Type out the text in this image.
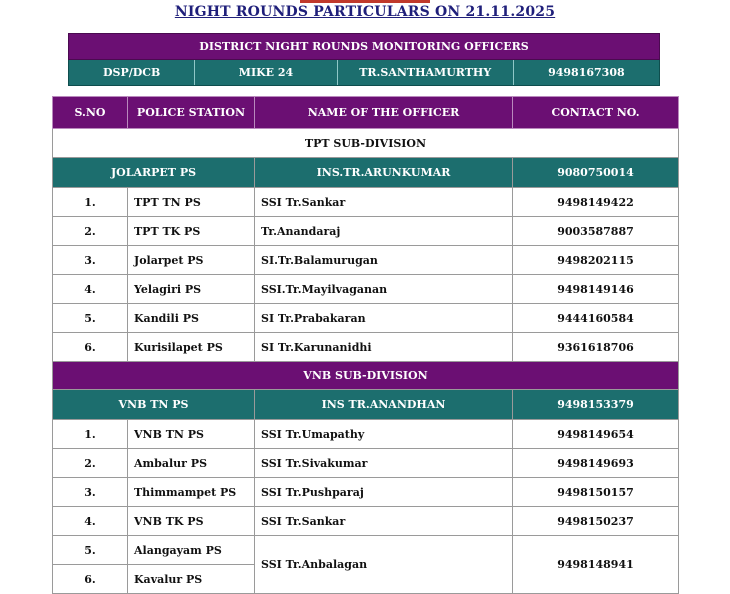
NIGHT ROUNDS PARTICULARS ON 21.11.2025
DISTRICT NIGHT ROUNDS MONITORING OFFICERS
DSP/DCB	MIKE 24	TR.SANTHAMURTHY	9498167308
S.NO	POLICE STATION	NAME OF THE OFFICER	CONTACT NO.
TPT SUB-DIVISION			
JOLARPET PS		INS.TR.ARUNKUMAR	9080750014
1.	TPT TN PS	SSI Tr.Sankar	9498149422
2.	TPT TK PS	Tr.Anandaraj	9003587887
3.	Jolarpet PS	SI.Tr.Balamurugan	9498202115
4.	Yelagiri PS	SSI.Tr.Mayilvaganan	9498149146
5.	Kandili PS	SI Tr.Prabakaran	9444160584
6.	Kurisilapet PS	SI Tr.Karunanidhi	9361618706
VNB SUB-DIVISION			
VNB TN PS		INS TR.ANANDHAN	9498153379
1.	VNB TN PS	SSI Tr.Umapathy	9498149654
2.	Ambalur PS	SSI Tr.Sivakumar	9498149693
3.	Thimmampet PS	SSI Tr.Pushparaj	9498150157
4.	VNB TK PS	SSI Tr.Sankar	9498150237
5.	Alangayam PS	SSI Tr.Anbalagan	9498148941
6.	Kavalur PS		
